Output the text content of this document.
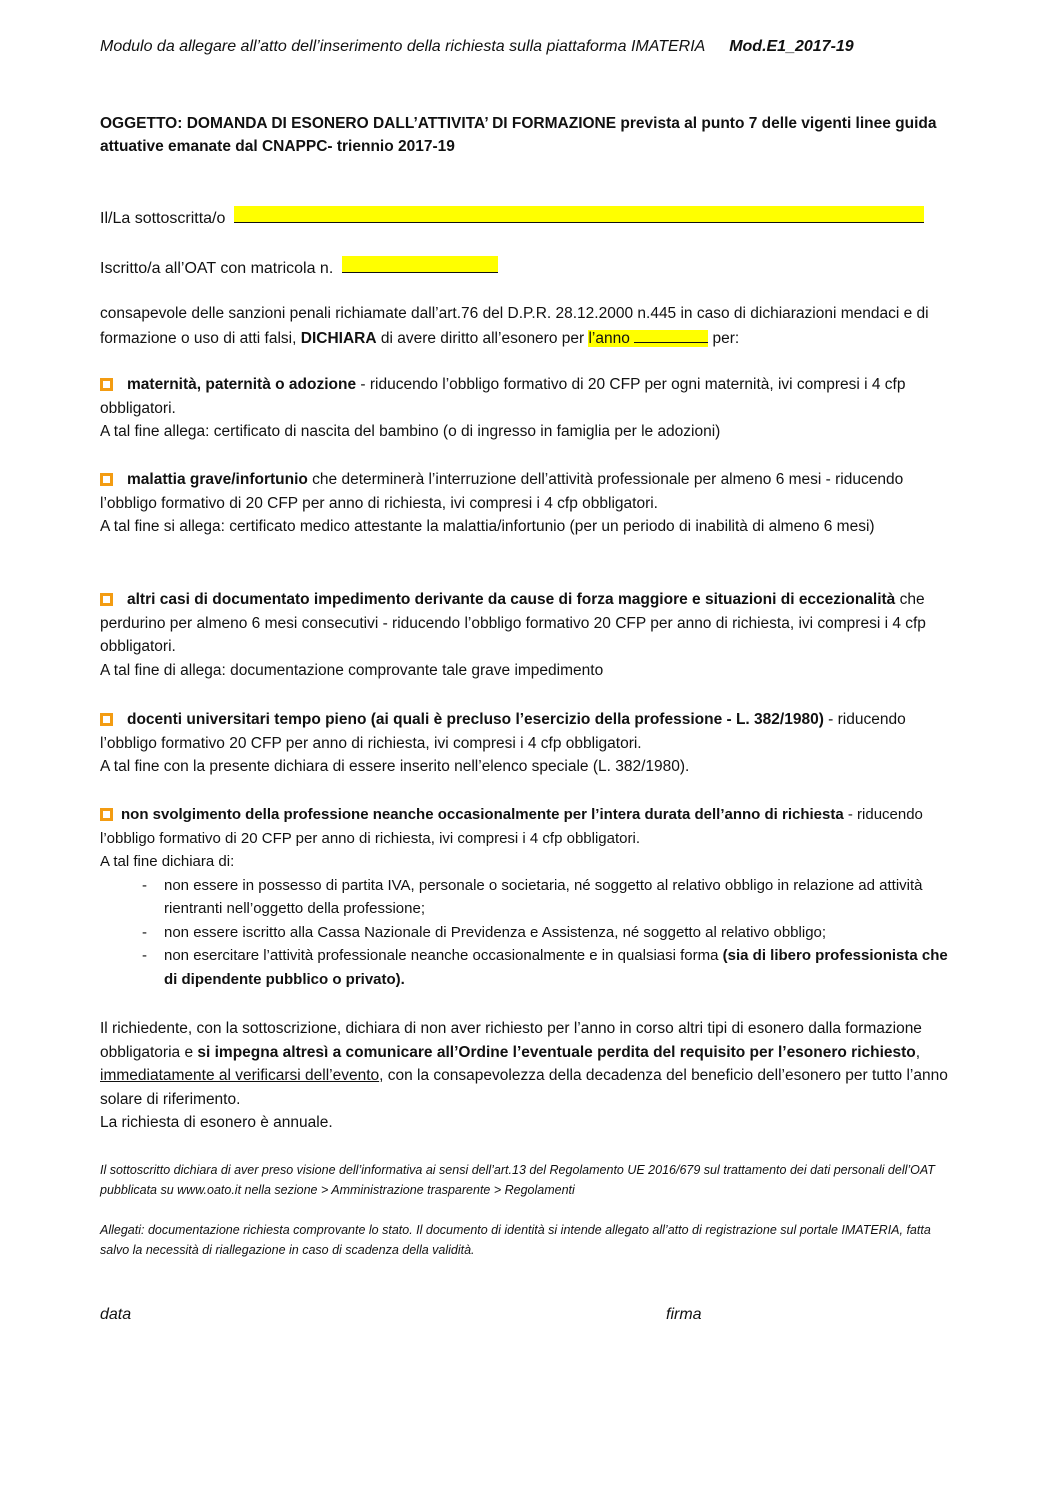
Modulo da allegare all’atto dell’inserimento della richiesta sulla piattaforma IMATERIA Mod.E1_2017-19
OGGETTO: DOMANDA DI ESONERO DALL’ATTIVITA’ DI FORMAZIONE prevista al punto 7 delle vigenti linee guida attuative emanate dal CNAPPC- triennio 2017-19
Il/La sottoscritta/o
Iscritto/a all’OAT con matricola n.
consapevole delle sanzioni penali richiamate dall’art.76 del D.P.R. 28.12.2000 n.445 in caso di dichiarazioni mendaci e di formazione o uso di atti falsi, DICHIARA di avere diritto all’esonero per l’anno	per:
maternità, paternità o adozione - riducendo l’obbligo formativo di 20 CFP per ogni maternità, ivi compresi i 4 cfp obbligatori.
A tal fine allega: certificato di nascita del bambino (o di ingresso in famiglia per le adozioni)
malattia grave/infortunio che determinerà l’interruzione dell’attività professionale per almeno 6 mesi - riducendo l’obbligo formativo di 20 CFP per anno di richiesta, ivi compresi i 4 cfp obbligatori.
A tal fine si allega: certificato medico attestante la malattia/infortunio (per un periodo di inabilità di almeno 6 mesi)
altri casi di documentato impedimento derivante da cause di forza maggiore e situazioni di eccezionalità che perdurino per almeno 6 mesi consecutivi - riducendo l’obbligo formativo 20 CFP per anno di richiesta, ivi compresi i 4 cfp obbligatori.
A tal fine di allega: documentazione comprovante tale grave impedimento
docenti universitari tempo pieno (ai quali è precluso l’esercizio della professione - L. 382/1980) - riducendo l’obbligo formativo 20 CFP per anno di richiesta, ivi compresi i 4 cfp obbligatori.
A tal fine con la presente dichiara di essere inserito nell’elenco speciale (L. 382/1980).
non svolgimento della professione neanche occasionalmente per l’intera durata dell’anno di richiesta - riducendo l’obbligo formativo di 20 CFP per anno di richiesta, ivi compresi i 4 cfp obbligatori.
A tal fine dichiara di:
- non essere in possesso di partita IVA, personale o societaria, né soggetto al relativo obbligo in relazione ad attività rientranti nell’oggetto della professione;
- non essere iscritto alla Cassa Nazionale di Previdenza e Assistenza, né soggetto al relativo obbligo;
- non esercitare l’attività professionale neanche occasionalmente e in qualsiasi forma (sia di libero professionista che di dipendente pubblico o privato).
Il richiedente, con la sottoscrizione, dichiara di non aver richiesto per l’anno in corso altri tipi di esonero dalla formazione obbligatoria e si impegna altresì a comunicare all’Ordine l’eventuale perdita del requisito per l’esonero richiesto, immediatamente al verificarsi dell’evento, con la consapevolezza della decadenza del beneficio dell’esonero per tutto l’anno solare di riferimento.
La richiesta di esonero è annuale.
Il sottoscritto dichiara di aver preso visione dell’informativa ai sensi dell’art.13 del Regolamento UE 2016/679 sul trattamento dei dati personali dell’OAT pubblicata su www.oato.it nella sezione > Amministrazione trasparente > Regolamenti
Allegati: documentazione richiesta comprovante lo stato. Il documento di identità si intende allegato all’atto di registrazione sul portale IMATERIA, fatta salvo la necessità di riallegazione in caso di scadenza della validità.
data	firma
